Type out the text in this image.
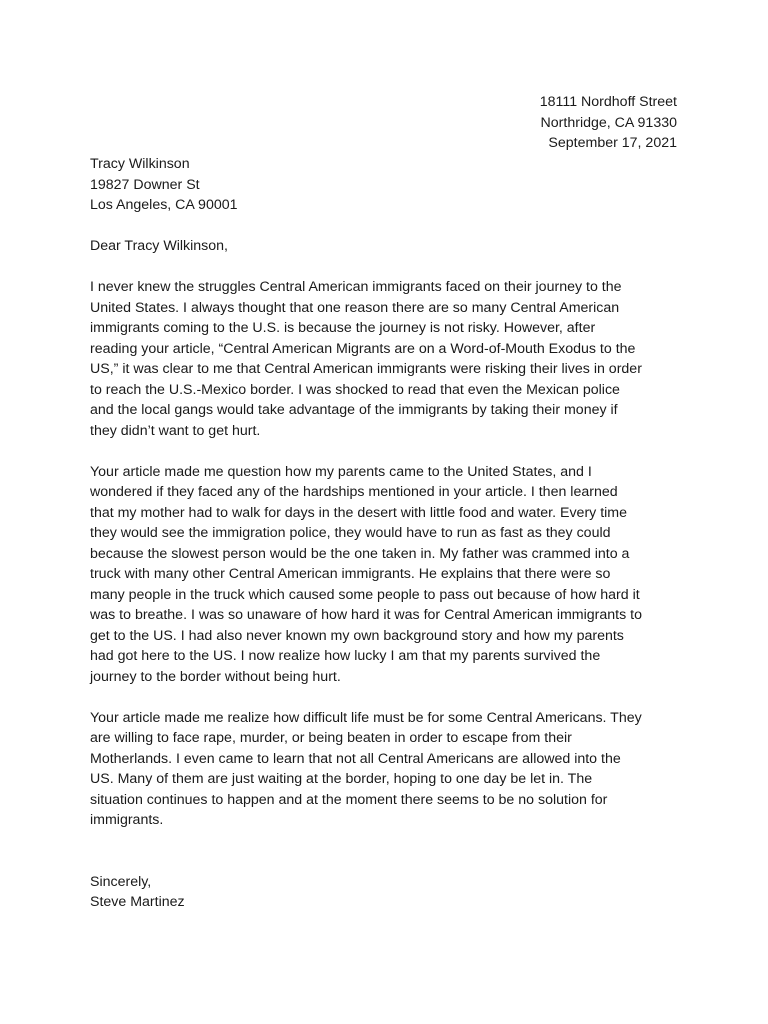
18111 Nordhoff Street
Northridge, CA 91330
September 17, 2021
Tracy Wilkinson
19827 Downer St
Los Angeles, CA 90001
Dear Tracy Wilkinson,
I never knew the struggles Central American immigrants faced on their journey to the
United States. I always thought that one reason there are so many Central American
immigrants coming to the U.S. is because the journey is not risky. However, after
reading your article, “Central American Migrants are on a Word-of-Mouth Exodus to the
US,” it was clear to me that Central American immigrants were risking their lives in order
to reach the U.S.-Mexico border. I was shocked to read that even the Mexican police
and the local gangs would take advantage of the immigrants by taking their money if
they didn’t want to get hurt.
Your article made me question how my parents came to the United States, and I
wondered if they faced any of the hardships mentioned in your article. I then learned
that my mother had to walk for days in the desert with little food and water. Every time
they would see the immigration police, they would have to run as fast as they could
because the slowest person would be the one taken in. My father was crammed into a
truck with many other Central American immigrants. He explains that there were so
many people in the truck which caused some people to pass out because of how hard it
was to breathe. I was so unaware of how hard it was for Central American immigrants to
get to the US. I had also never known my own background story and how my parents
had got here to the US. I now realize how lucky I am that my parents survived the
journey to the border without being hurt.
Your article made me realize how difficult life must be for some Central Americans. They
are willing to face rape, murder, or being beaten in order to escape from their
Motherlands. I even came to learn that not all Central Americans are allowed into the
US. Many of them are just waiting at the border, hoping to one day be let in. The
situation continues to happen and at the moment there seems to be no solution for
immigrants.
Sincerely,
Steve Martinez
